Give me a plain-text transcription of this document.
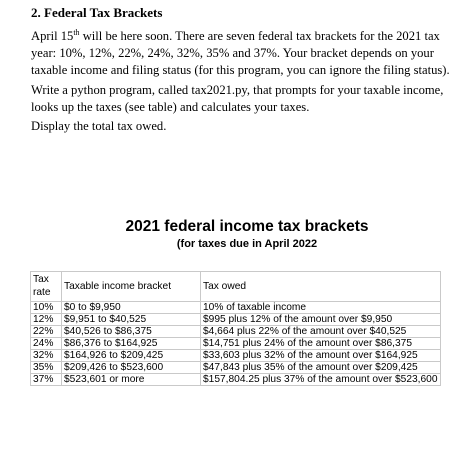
2. Federal Tax Brackets

April 15th will be here soon. There are seven federal tax brackets for the 2021 tax year: 10%, 12%, 22%, 24%, 32%, 35% and 37%. Your bracket depends on your taxable income and filing status (for this program, you can ignore the filing status).

Write a python program, called tax2021.py, that prompts for your taxable income, looks up the taxes (see table) and calculates your taxes.

Display the total tax owed.

2021 federal income tax brackets
(for taxes due in April 2022
Tax
rate	Taxable income bracket	Tax owed
10%	$0 to $9,950	10% of taxable income
12%	$9,951 to $40,525	$995 plus 12% of the amount over $9,950
22%	$40,526 to $86,375	$4,664 plus 22% of the amount over $40,525
24%	$86,376 to $164,925	$14,751 plus 24% of the amount over $86,375
32%	$164,926 to $209,425	$33,603 plus 32% of the amount over $164,925
35%	$209,426 to $523,600	$47,843 plus 35% of the amount over $209,425
37%	$523,601 or more	$157,804.25 plus 37% of the amount over $523,600
